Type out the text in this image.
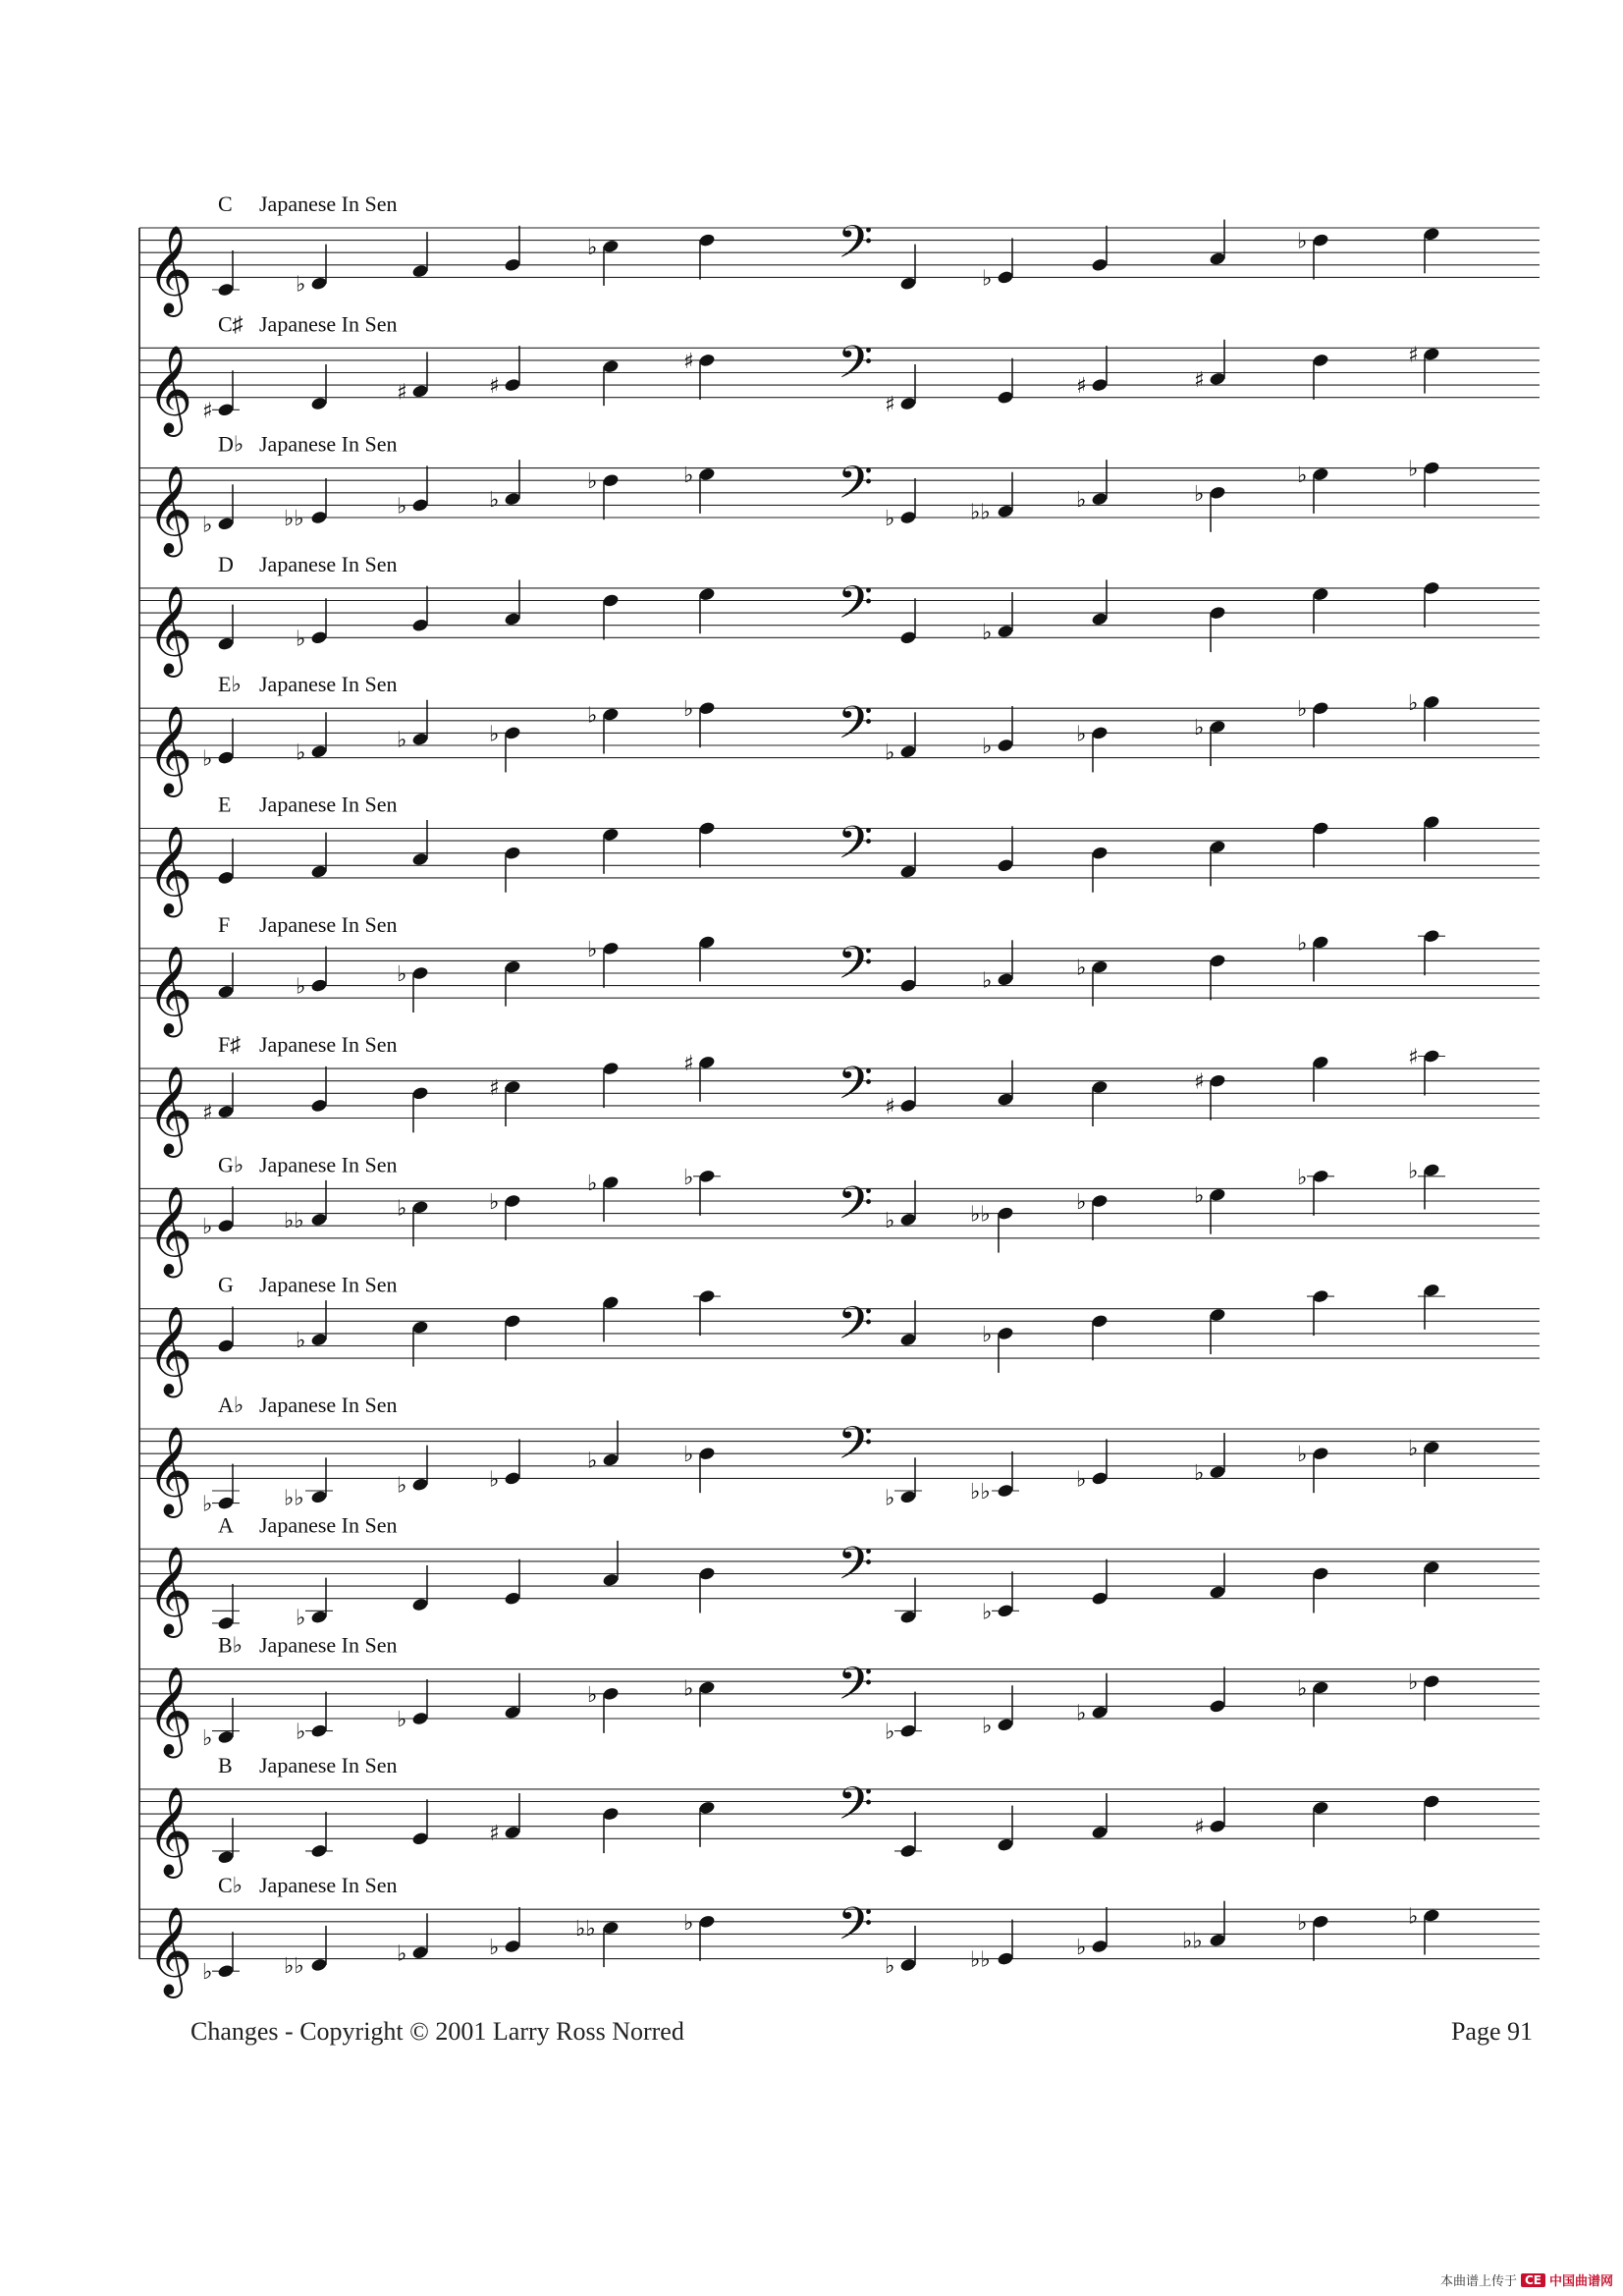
C Japanese In Sen
𝄞	𝄢
♭
♭
♭
♭
C♯ Japanese In Sen
𝄞	𝄢
♯
♯	♯
♯
♯
♯	♯
♯
D♭ Japanese In Sen
𝄞	𝄢
♭	♭♭
♭	♭
♭	♭
♭	♭♭
♭	♭
♭	♭
D Japanese In Sen
𝄞	𝄢
♭	♭
E♭ Japanese In Sen
𝄞	𝄢
♭	♭
♭	♭
♭	♭
♭	♭
♭	♭
♭	♭
E Japanese In Sen
𝄞	𝄢
F Japanese In Sen
𝄞	𝄢
♭
♭
♭
♭
♭
♭
F♯ Japanese In Sen
𝄞	𝄢
♯
♯
♯
♯
♯
♯
G♭ Japanese In Sen
𝄞	𝄢
♭	♭♭
♭	♭
♭	♭
♭	♭♭
♭	♭
♭	♭
G Japanese In Sen
𝄞	𝄢
♭	♭
A♭ Japanese In Sen
𝄞	𝄢
♭	♭♭
♭	♭
♭	♭
♭	♭♭
♭	♭
♭	♭
A Japanese In Sen
𝄞	𝄢
♭	♭
B♭ Japanese In Sen
𝄞	𝄢
♭	♭
♭
♭	♭
♭	♭
♭
♭	♭
B Japanese In Sen
𝄞	𝄢
♯	♯
C♭ Japanese In Sen
𝄞	𝄢
♭	♭♭
♭	♭
♭♭	♭
♭	♭♭
♭	♭♭
♭	♭
Changes - Copyright © 2001 Larry Ross Norred	Page 91
本曲谱上传于 CE 中国曲谱网
